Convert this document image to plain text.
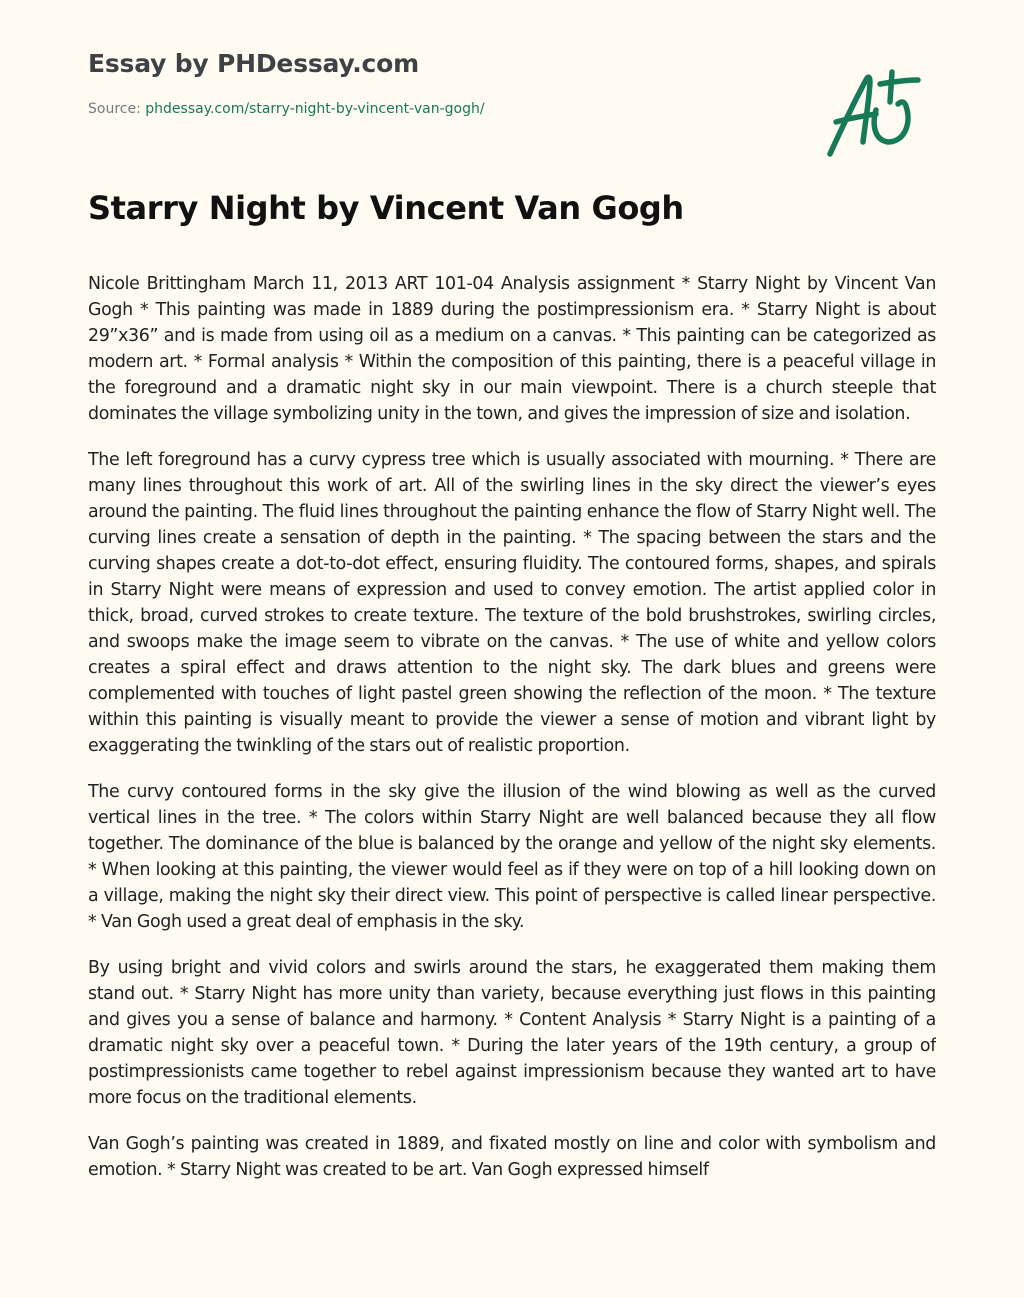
Essay by PHDessay.com
Source: phdessay.com/starry-night-by-vincent-van-gogh/
Starry Night by Vincent Van Gogh

Nicole Brittingham March 11, 2013 ART 101-04 Analysis assignment * Starry Night by Vincent Van Gogh * This painting was made in 1889 during the postimpressionism era. * Starry Night is about 29”x36” and is made from using oil as a medium on a canvas. * This painting can be categorized as modern art. * Formal analysis * Within the composition of this painting, there is a peaceful village in the foreground and a dramatic night sky in our main viewpoint. There is a church steeple that dominates the village symbolizing unity in the town, and gives the impression of size and isolation.

The left foreground has a curvy cypress tree which is usually associated with mourning. * There are many lines throughout this work of art. All of the swirling lines in the sky direct the viewer’s eyes around the painting. The fluid lines throughout the painting enhance the flow of Starry Night well. The curving lines create a sensation of depth in the painting. * The spacing between the stars and the curving shapes create a dot-to-dot effect, ensuring fluidity. The contoured forms, shapes, and spirals in Starry Night were means of expression and used to convey emotion. The artist applied color in thick, broad, curved strokes to create texture. The texture of the bold brushstrokes, swirling circles, and swoops make the image seem to vibrate on the canvas. * The use of white and yellow colors creates a spiral effect and draws attention to the night sky. The dark blues and greens were complemented with touches of light pastel green showing the reflection of the moon. * The texture within this painting is visually meant to provide the viewer a sense of motion and vibrant light by exaggerating the twinkling of the stars out of realistic proportion.

The curvy contoured forms in the sky give the illusion of the wind blowing as well as the curved vertical lines in the tree. * The colors within Starry Night are well balanced because they all flow together. The dominance of the blue is balanced by the orange and yellow of the night sky elements. * When looking at this painting, the viewer would feel as if they were on top of a hill looking down on a village, making the night sky their direct view. This point of perspective is called linear perspective. * Van Gogh used a great deal of emphasis in the sky.

By using bright and vivid colors and swirls around the stars, he exaggerated them making them stand out. * Starry Night has more unity than variety, because everything just flows in this painting and gives you a sense of balance and harmony. * Content Analysis * Starry Night is a painting of a dramatic night sky over a peaceful town. * During the later years of the 19th century, a group of postimpressionists came together to rebel against impressionism because they wanted art to have more focus on the traditional elements.

Van Gogh’s painting was created in 1889, and fixated mostly on line and color with symbolism and emotion. * Starry Night was created to be art. Van Gogh expressed himself
